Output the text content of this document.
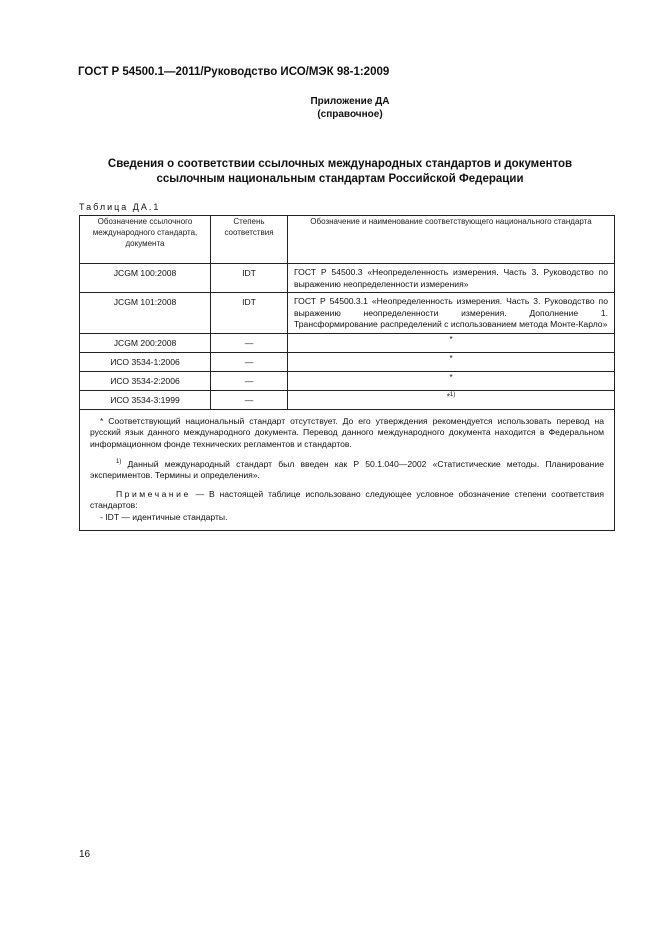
ГОСТ Р 54500.1—2011/Руководство ИСО/МЭК 98-1:2009
Приложение ДА
(справочное)
Сведения о соответствии ссылочных международных стандартов и документов
ссылочным национальным стандартам Российской Федерации
Таблица ДА.1
Обозначение ссылочного международного стандарта, документа	Степень соответствия	Обозначение и наименование соответствующего национального стандарта
JCGM 100:2008	IDT	ГОСТ Р 54500.3 «Неопределенность измерения. Часть 3. Руководство по выражению неопределенности измерения»
JCGM 101:2008	IDT	ГОСТ Р 54500.3.1 «Неопределенность измерения. Часть 3. Руководство по выражению неопределенности измерения. Дополнение 1. Трансформирование распределений с использованием метода Монте-Карло»
JCGM 200:2008	—	*
ИСО 3534-1:2006	—	*
ИСО 3534-2:2006	—	*
ИСО 3534-3:1999	—	*$^{1)}$

* Соответствующий национальный стандарт отсутствует. До его утверждения рекомендуется использовать перевод на русский язык данного международного документа. Перевод данного международного документа находится в Федеральном информационном фонде технических регламентов и стандартов.

$^{1)}$ Данный международный стандарт был введен как Р 50.1.040—2002 «Статистические методы. Планирование экспериментов. Термины и определения».

Примечание — В настоящей таблице использовано следующее условное обозначение степени соответствия стандартов:

- IDT — идентичные стандарты.		

16
